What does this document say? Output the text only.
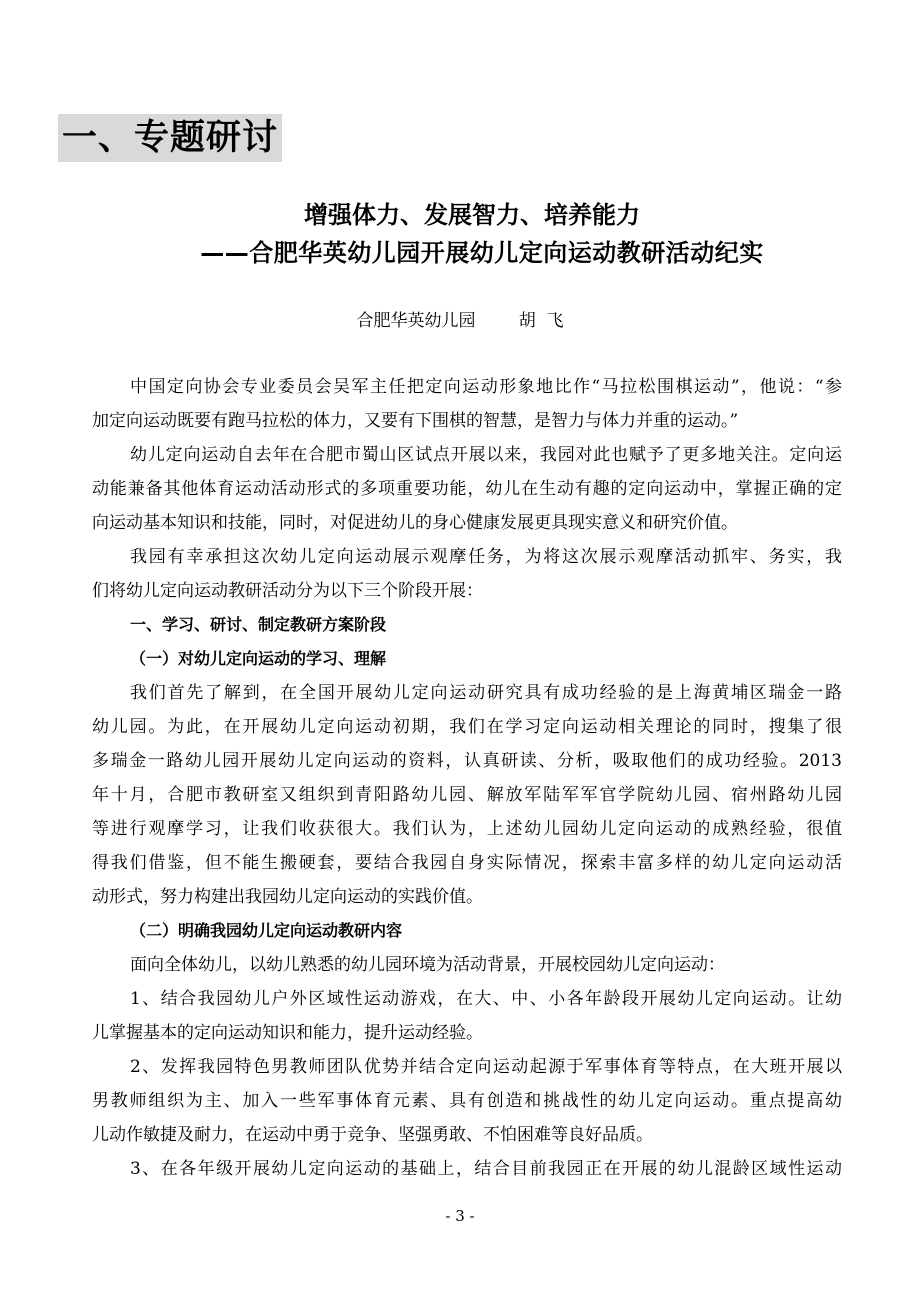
一、专题研讨
增强体力、发展智力、培养能力
——合肥华英幼儿园开展幼儿定向运动教研活动纪实
合肥华英幼儿园	胡  飞
中国定向协会专业委员会吴军主任把定向运动形象地比作“马拉松围棋运动”，他说：“参
加定向运动既要有跑马拉松的体力，又要有下围棋的智慧，是智力与体力并重的运动。”
幼儿定向运动自去年在合肥市蜀山区试点开展以来，我园对此也赋予了更多地关注。定向运
动能兼备其他体育运动活动形式的多项重要功能，幼儿在生动有趣的定向运动中，掌握正确的定
向运动基本知识和技能，同时，对促进幼儿的身心健康发展更具现实意义和研究价值。
我园有幸承担这次幼儿定向运动展示观摩任务，为将这次展示观摩活动抓牢、务实，我
们将幼儿定向运动教研活动分为以下三个阶段开展：
一、学习、研讨、制定教研方案阶段
（一）对幼儿定向运动的学习、理解
我们首先了解到，在全国开展幼儿定向运动研究具有成功经验的是上海黄埔区瑞金一路
幼儿园。为此，在开展幼儿定向运动初期，我们在学习定向运动相关理论的同时，搜集了很
多瑞金一路幼儿园开展幼儿定向运动的资料，认真研读、分析，吸取他们的成功经验。2013
年十月，合肥市教研室又组织到青阳路幼儿园、解放军陆军军官学院幼儿园、宿州路幼儿园
等进行观摩学习，让我们收获很大。我们认为，上述幼儿园幼儿定向运动的成熟经验，很值
得我们借鉴，但不能生搬硬套，要结合我园自身实际情况，探索丰富多样的幼儿定向运动活
动形式，努力构建出我园幼儿定向运动的实践价值。
（二）明确我园幼儿定向运动教研内容
面向全体幼儿，以幼儿熟悉的幼儿园环境为活动背景，开展校园幼儿定向运动：
1、结合我园幼儿户外区域性运动游戏，在大、中、小各年龄段开展幼儿定向运动。让幼
儿掌握基本的定向运动知识和能力，提升运动经验。
2、发挥我园特色男教师团队优势并结合定向运动起源于军事体育等特点，在大班开展以
男教师组织为主、加入一些军事体育元素、具有创造和挑战性的幼儿定向运动。重点提高幼
儿动作敏捷及耐力，在运动中勇于竞争、坚强勇敢、不怕困难等良好品质。
3、在各年级开展幼儿定向运动的基础上，结合目前我园正在开展的幼儿混龄区域性运动
- 3 -
